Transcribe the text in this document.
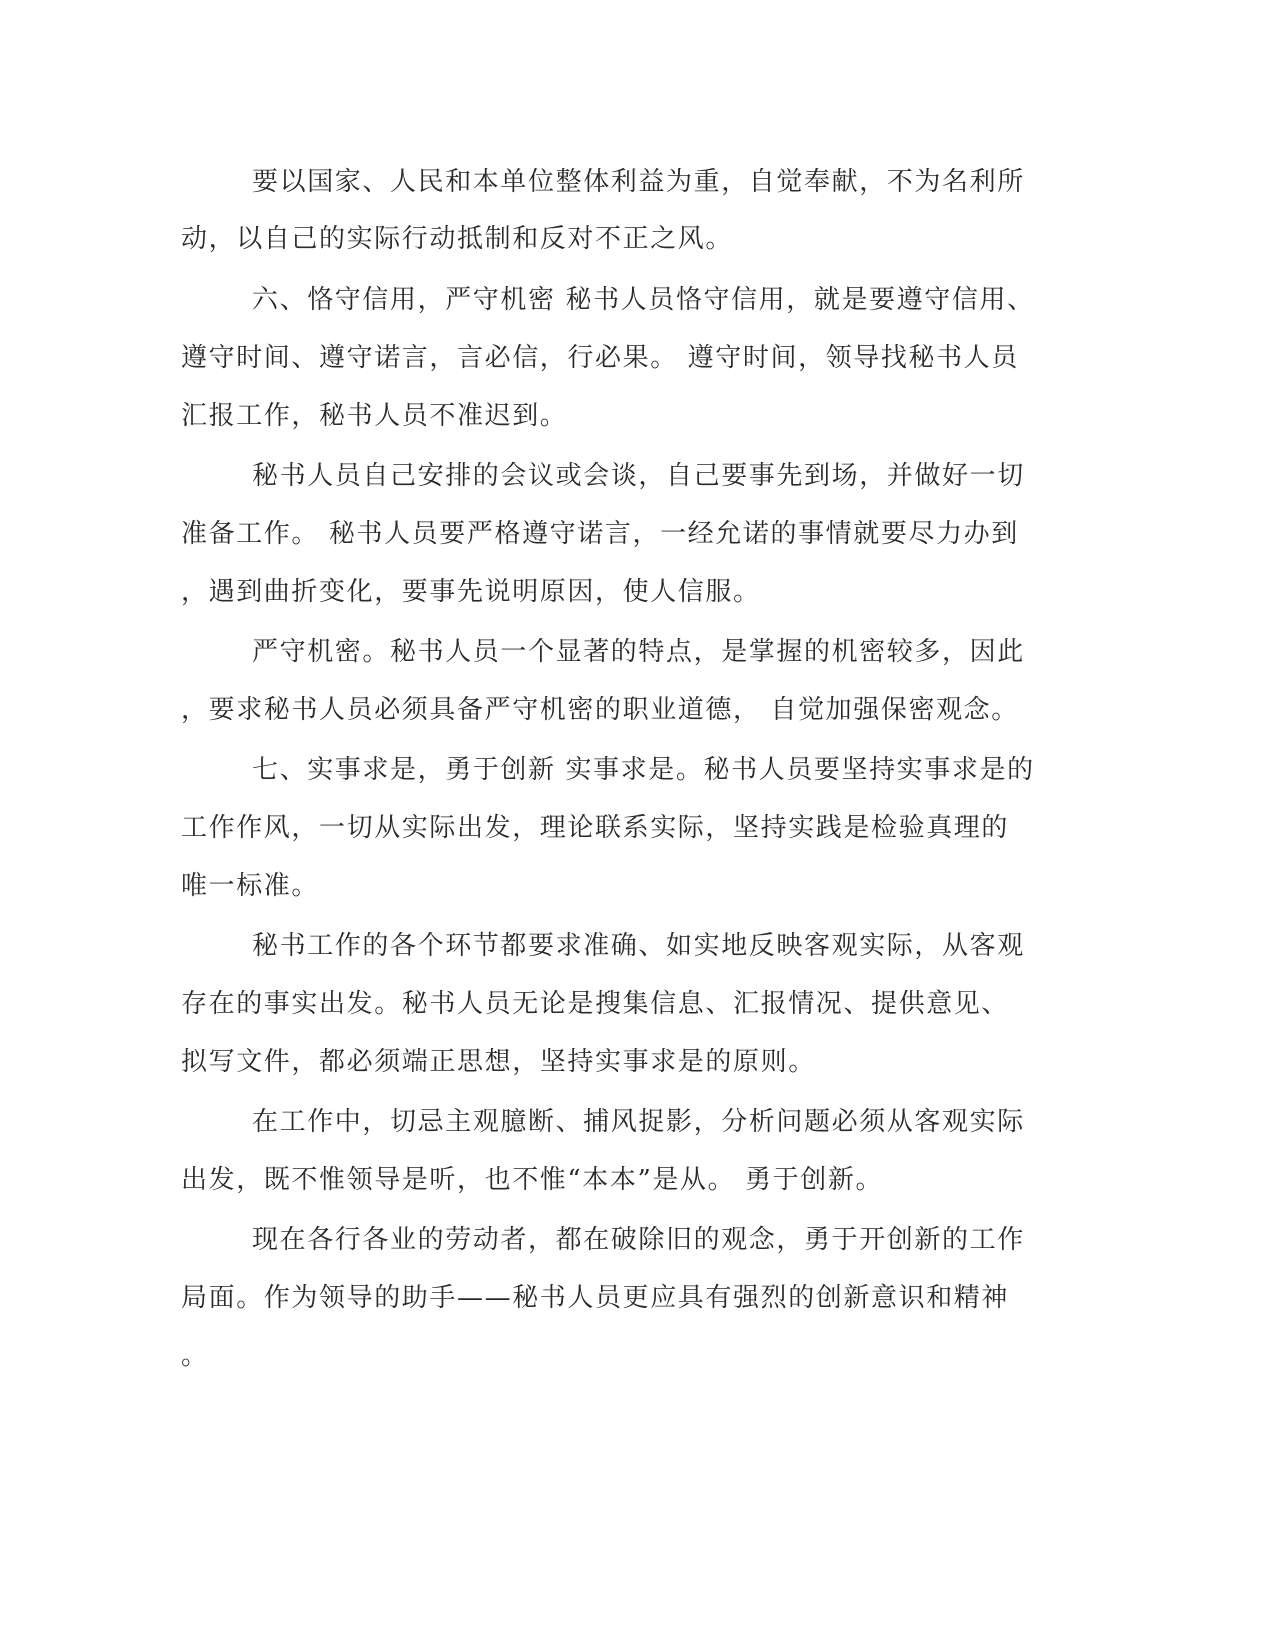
要以国家、人民和本单位整体利益为重，自觉奉献，不为名利所
动，以自己的实际行动抵制和反对不正之风。
六、恪守信用，严守机密 秘书人员恪守信用，就是要遵守信用、
遵守时间、遵守诺言，言必信，行必果。 遵守时间，领导找秘书人员
汇报工作，秘书人员不准迟到。
秘书人员自己安排的会议或会谈，自己要事先到场，并做好一切
准备工作。 秘书人员要严格遵守诺言，一经允诺的事情就要尽力办到
，遇到曲折变化，要事先说明原因，使人信服。
严守机密。秘书人员一个显著的特点，是掌握的机密较多，因此
，要求秘书人员必须具备严守机密的职业道德， 自觉加强保密观念。
七、实事求是，勇于创新 实事求是。秘书人员要坚持实事求是的
工作作风，一切从实际出发，理论联系实际，坚持实践是检验真理的
唯一标准。
秘书工作的各个环节都要求准确、如实地反映客观实际，从客观
存在的事实出发。秘书人员无论是搜集信息、汇报情况、提供意见、
拟写文件，都必须端正思想，坚持实事求是的原则。
在工作中，切忌主观臆断、捕风捉影，分析问题必须从客观实际
出发，既不惟领导是听，也不惟“本本”是从。 勇于创新。
现在各行各业的劳动者，都在破除旧的观念，勇于开创新的工作
局面。作为领导的助手——秘书人员更应具有强烈的创新意识和精神
。
